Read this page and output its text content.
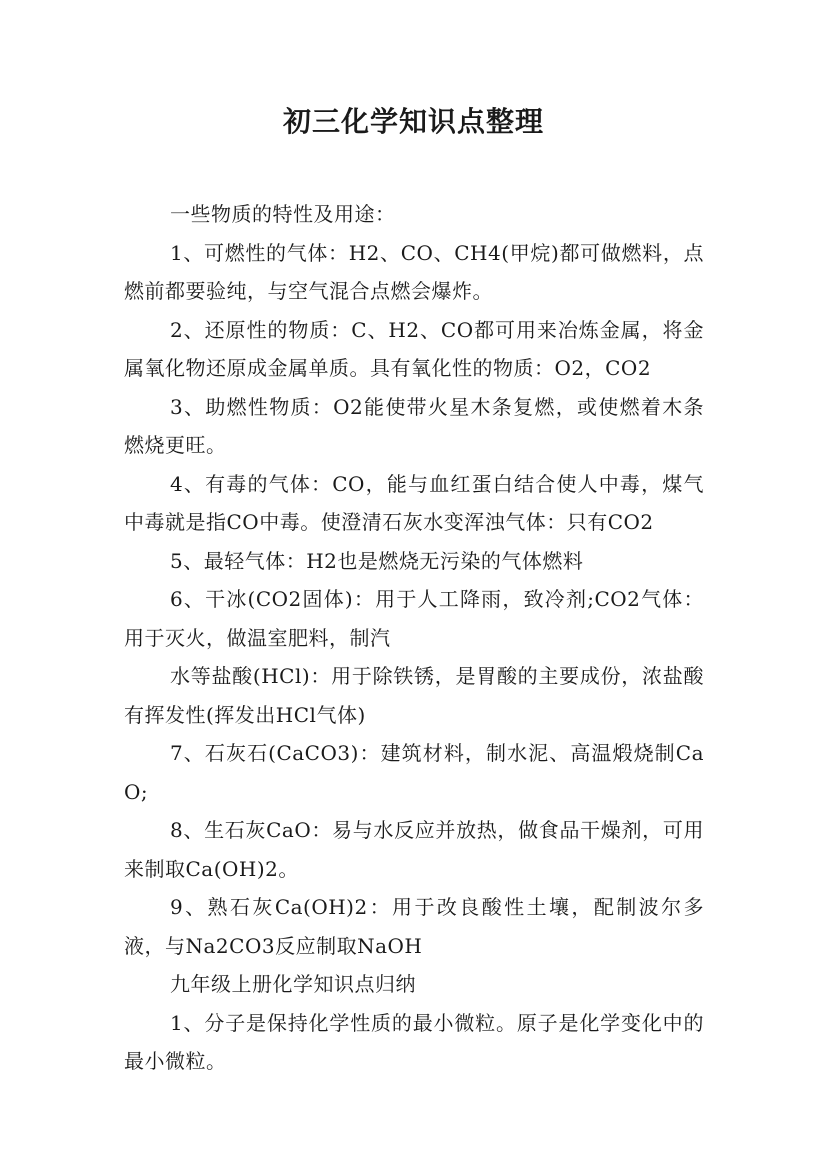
初三化学知识点整理

一些物质的特性及用途：

1、可燃性的气体：H2、CO、CH4(甲烷)都可做燃料，点燃前都要验纯，与空气混合点燃会爆炸。

2、还原性的物质：C、H2、CO都可用来冶炼金属，将金属氧化物还原成金属单质。具有氧化性的物质：O2，CO2

3、助燃性物质：O2能使带火星木条复燃，或使燃着木条燃烧更旺。

4、有毒的气体：CO，能与血红蛋白结合使人中毒，煤气中毒就是指CO中毒。使澄清石灰水变浑浊气体：只有CO2

5、最轻气体：H2也是燃烧无污染的气体燃料

6、干冰(CO2固体)：用于人工降雨，致冷剂;CO2气体：用于灭火，做温室肥料，制汽

水等盐酸(HCl)：用于除铁锈，是胃酸的主要成份，浓盐酸有挥发性(挥发出HCl气体)

7、石灰石(CaCO3)：建筑材料，制水泥、高温煅烧制CaO;

8、生石灰CaO：易与水反应并放热，做食品干燥剂，可用来制取Ca(OH)2。

9、熟石灰Ca(OH)2：用于改良酸性土壤，配制波尔多液，与Na2CO3反应制取NaOH

九年级上册化学知识点归纳

1、分子是保持化学性质的最小微粒。原子是化学变化中的最小微粒。
